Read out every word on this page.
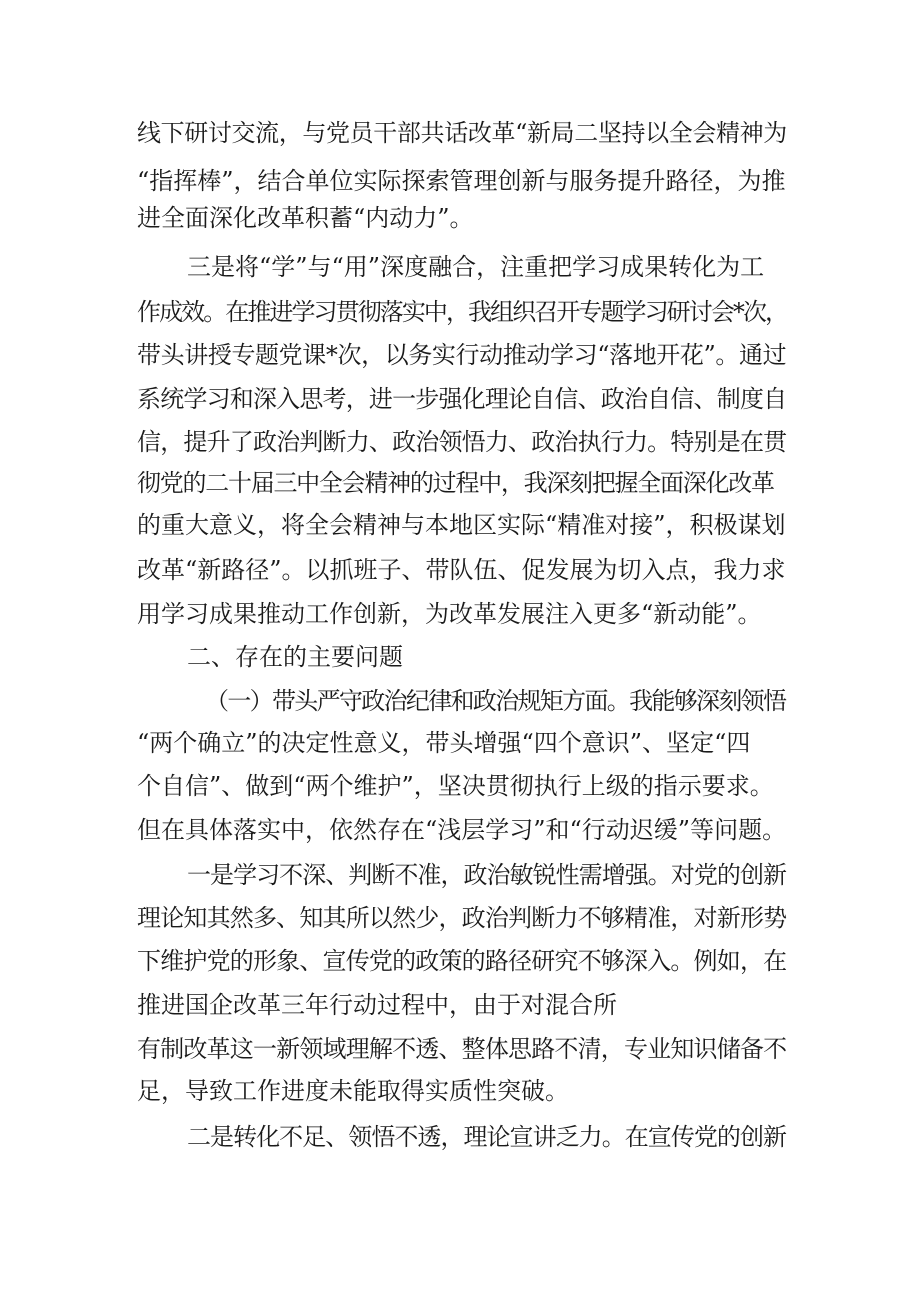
线下研讨交流，与党员干部共话改革“新局二坚持以全会精神为
“指挥棒”，结合单位实际探索管理创新与服务提升路径，为推
进全面深化改革积蓄“内动力”。
三是将“学”与“用”深度融合，注重把学习成果转化为工
作成效。在推进学习贯彻落实中，我组织召开专题学习研讨会*次，
带头讲授专题党课*次，以务实行动推动学习“落地开花”。通过
系统学习和深入思考，进一步强化理论自信、政治自信、制度自
信，提升了政治判断力、政治领悟力、政治执行力。特别是在贯
彻党的二十届三中全会精神的过程中，我深刻把握全面深化改革
的重大意义，将全会精神与本地区实际“精准对接”，积极谋划
改革“新路径”。以抓班子、带队伍、促发展为切入点，我力求
用学习成果推动工作创新，为改革发展注入更多“新动能”。
二、存在的主要问题
（一）带头严守政治纪律和政治规矩方面。我能够深刻领悟
“两个确立”的决定性意义，带头增强“四个意识”、坚定“四
个自信”、做到“两个维护”，坚决贯彻执行上级的指示要求。
但在具体落实中，依然存在“浅层学习”和“行动迟缓”等问题。
一是学习不深、判断不准，政治敏锐性需增强。对党的创新
理论知其然多、知其所以然少，政治判断力不够精准，对新形势
下维护党的形象、宣传党的政策的路径研究不够深入。例如，在
推进国企改革三年行动过程中，由于对混合所
有制改革这一新领域理解不透、整体思路不清，专业知识储备不
足，导致工作进度未能取得实质性突破。
二是转化不足、领悟不透，理论宣讲乏力。在宣传党的创新
